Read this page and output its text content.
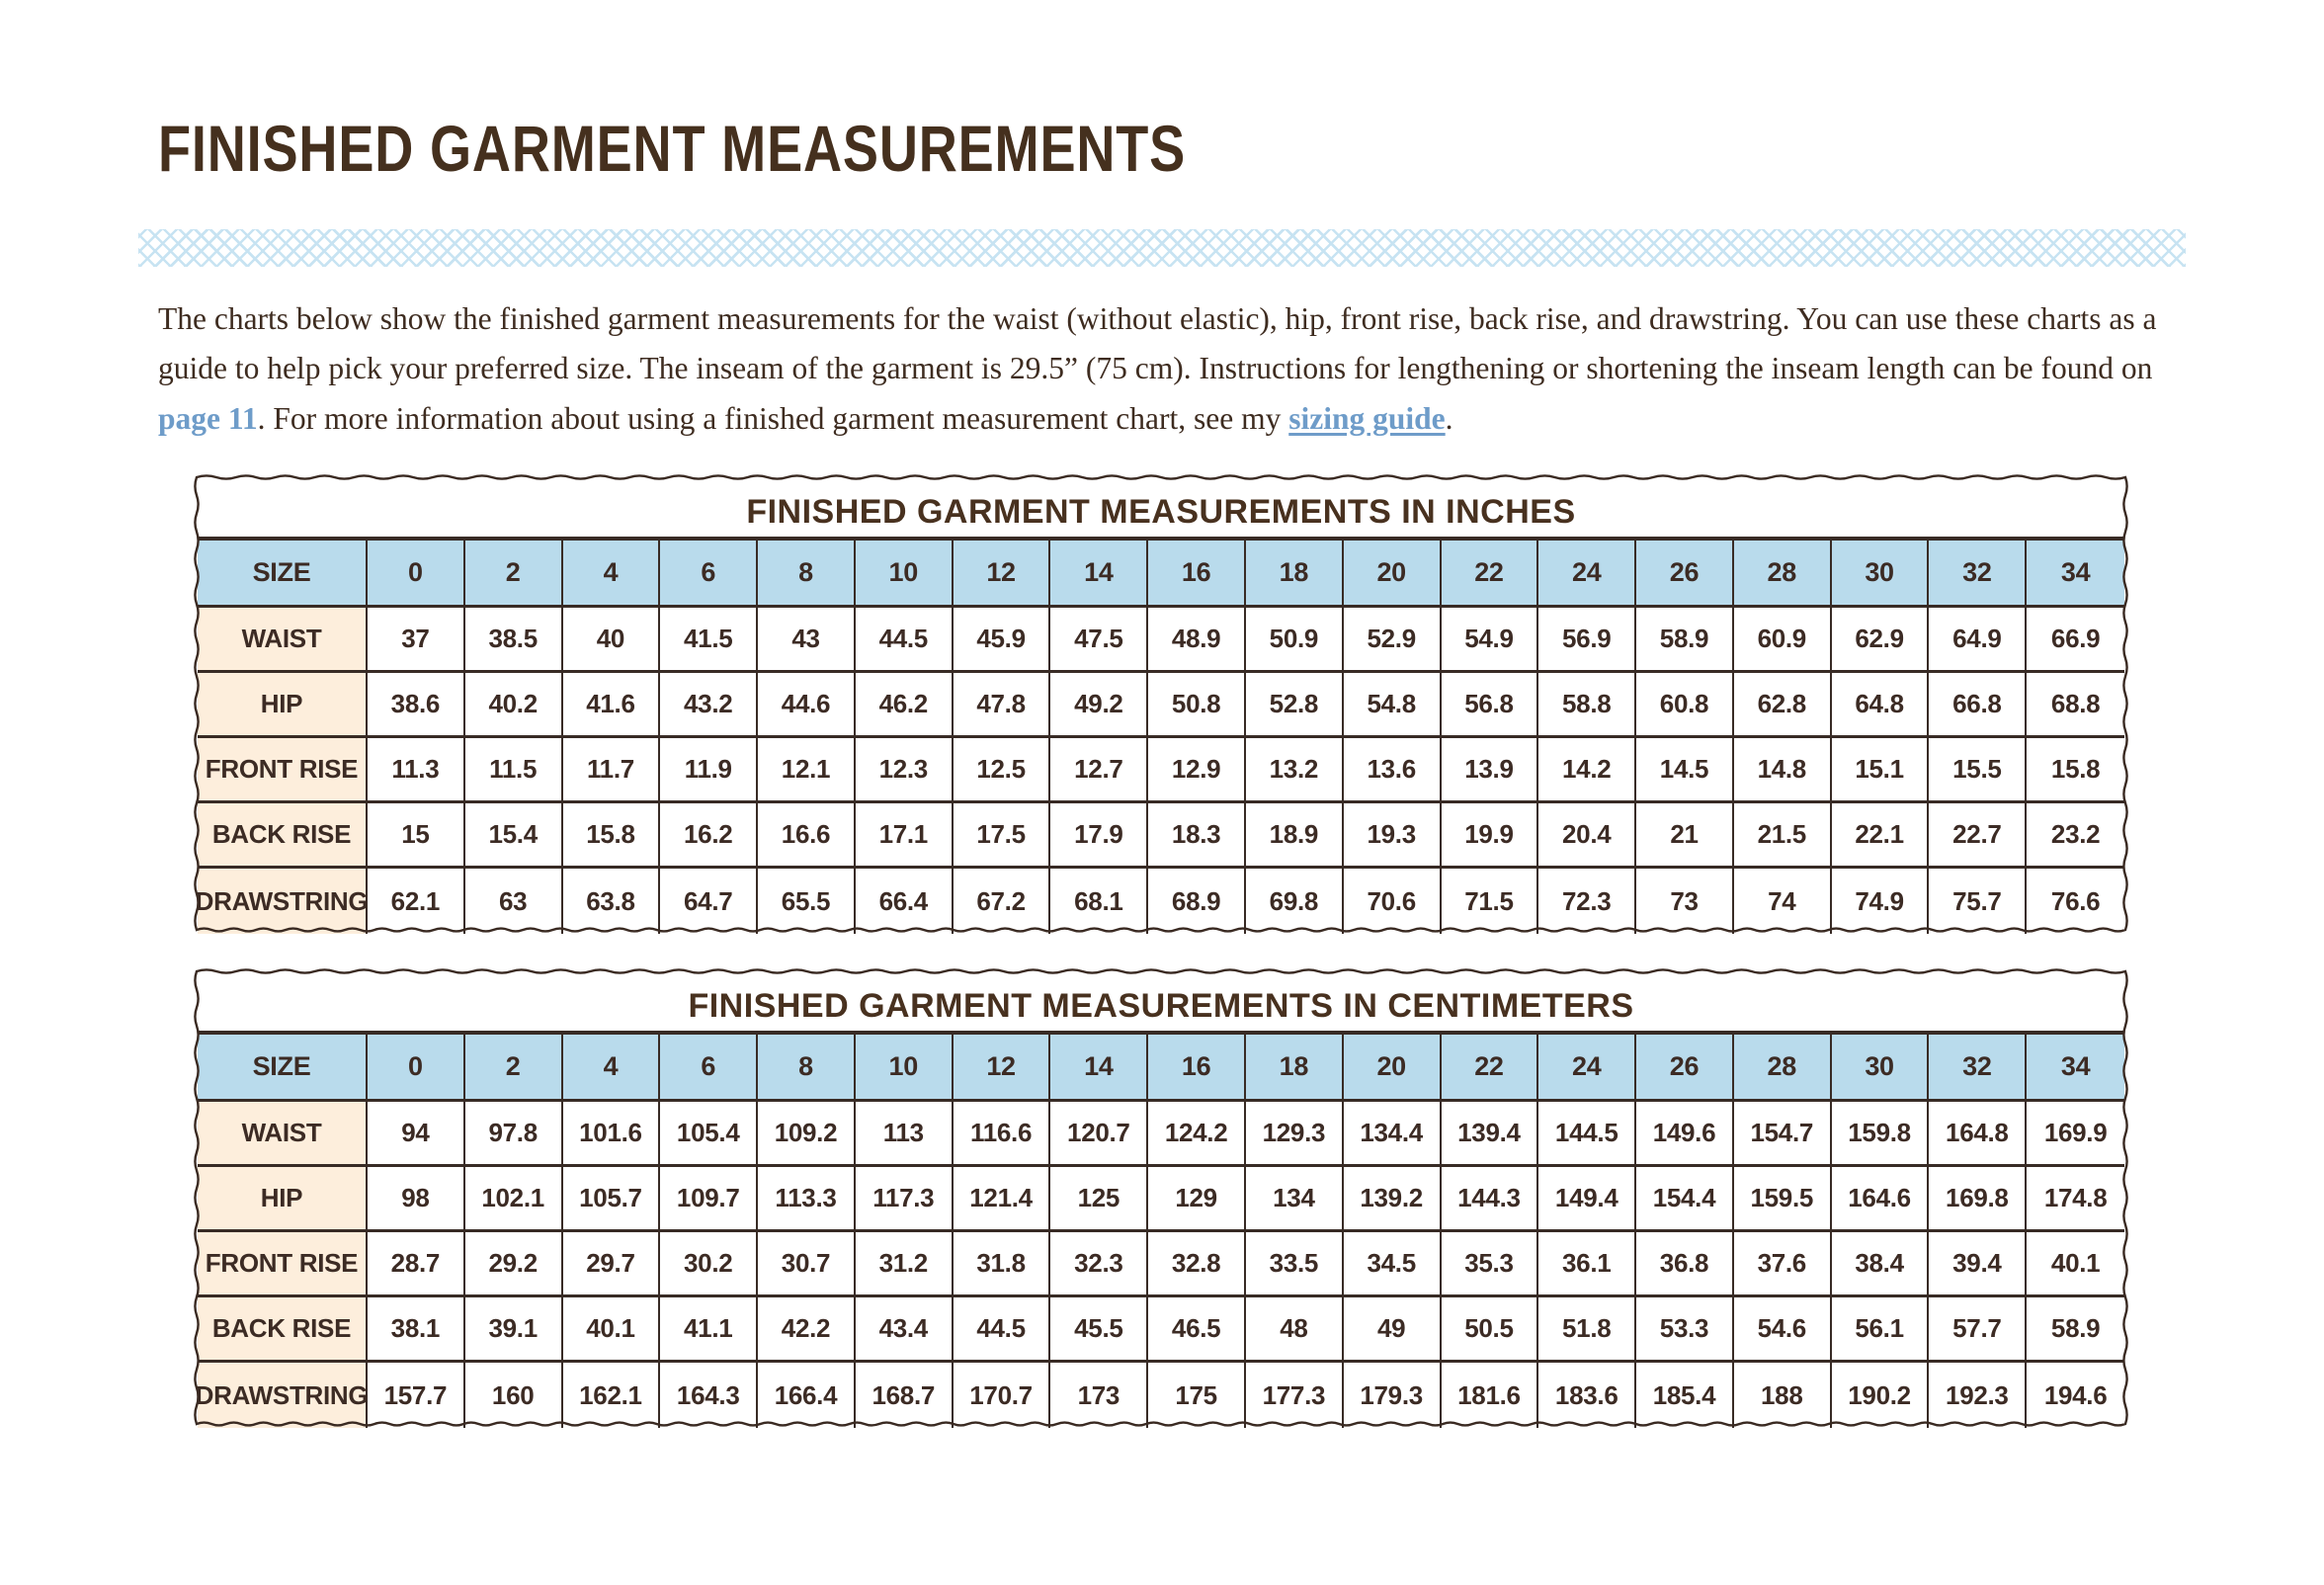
FINISHED GARMENT MEASUREMENTS

The charts below show the finished garment measurements for the waist (without elastic), hip, front rise, back rise, and drawstring. You can use these charts as a guide to help pick your preferred size. The inseam of the garment is 29.5” (75 cm). Instructions for lengthening or shortening the inseam length can be found on page 11. For more information about using a finished garment measurement chart, see my sizing guide.

FINISHED GARMENT MEASUREMENTS IN INCHES
SIZE	0	2	4	6	8	10	12	14	16	18	20	22	24	26	28	30	32	34
WAIST	37	38.5	40	41.5	43	44.5	45.9	47.5	48.9	50.9	52.9	54.9	56.9	58.9	60.9	62.9	64.9	66.9
HIP	38.6	40.2	41.6	43.2	44.6	46.2	47.8	49.2	50.8	52.8	54.8	56.8	58.8	60.8	62.8	64.8	66.8	68.8
FRONT RISE	11.3	11.5	11.7	11.9	12.1	12.3	12.5	12.7	12.9	13.2	13.6	13.9	14.2	14.5	14.8	15.1	15.5	15.8
BACK RISE	15	15.4	15.8	16.2	16.6	17.1	17.5	17.9	18.3	18.9	19.3	19.9	20.4	21	21.5	22.1	22.7	23.2
DRAWSTRING 62.1	63	63.8	64.7	65.5	66.4	67.2	68.1	68.9	69.8	70.6	71.5	72.3	73	74	74.9	75.7	76.6
FINISHED GARMENT MEASUREMENTS IN CENTIMETERS
SIZE	0	2	4	6	8	10	12	14	16	18	20	22	24	26	28	30	32	34
WAIST	94	97.8	101.6	105.4	109.2	113	116.6	120.7	124.2	129.3	134.4	139.4	144.5	149.6	154.7	159.8	164.8	169.9
HIP	98	102.1	105.7	109.7	113.3	117.3	121.4	125	129	134	139.2	144.3	149.4	154.4	159.5	164.6	169.8	174.8
FRONT RISE	28.7	29.2	29.7	30.2	30.7	31.2	31.8	32.3	32.8	33.5	34.5	35.3	36.1	36.8	37.6	38.4	39.4	40.1
BACK RISE	38.1	39.1	40.1	41.1	42.2	43.4	44.5	45.5	46.5	48	49	50.5	51.8	53.3	54.6	56.1	57.7	58.9
DRAWSTRING 157.7	160	162.1	164.3	166.4	168.7	170.7	173	175	177.3	179.3	181.6	183.6	185.4	188	190.2	192.3	194.6
